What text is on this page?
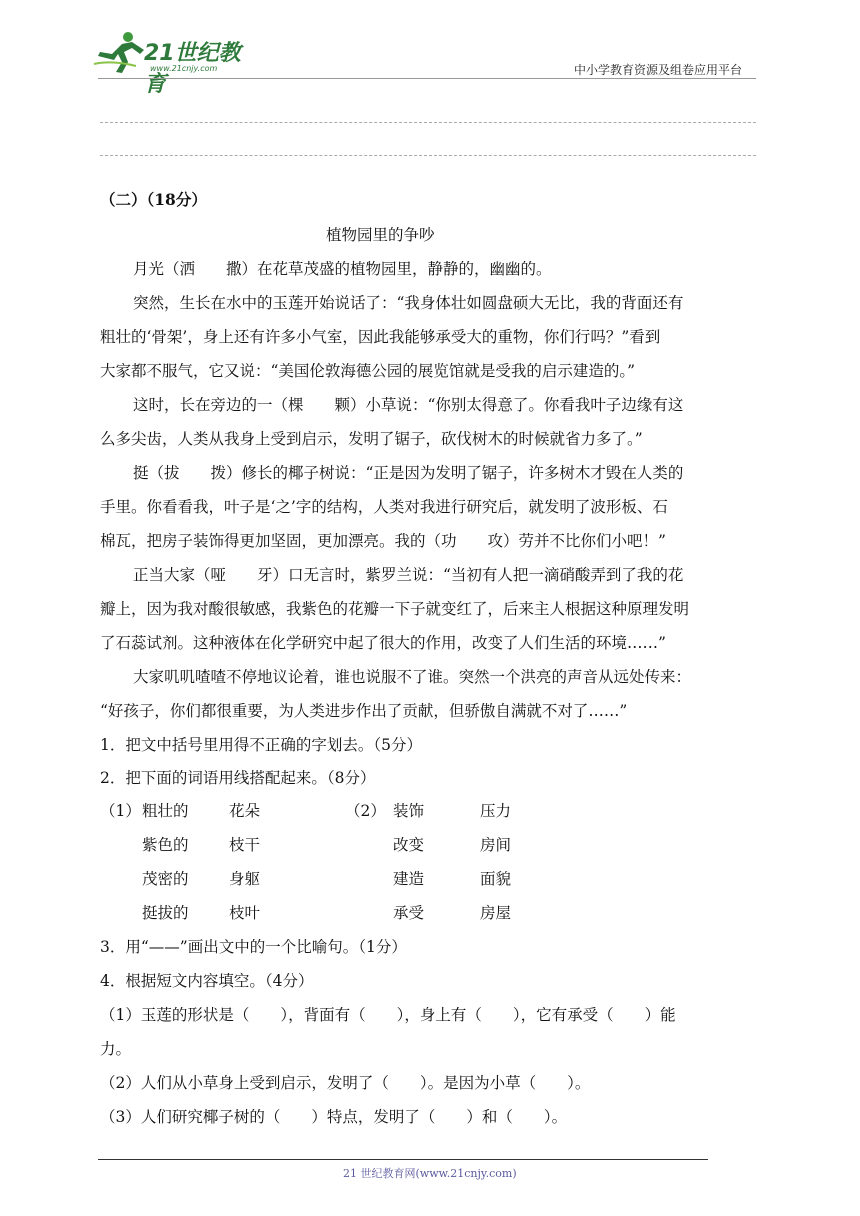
21世纪教育
www.21cnjy.com	中小学教育资源及组卷应用平台
（二）（18分）
植物园里的争吵
月光（洒　　撒）在花草茂盛的植物园里，静静的，幽幽的。
突然，生长在水中的玉莲开始说话了：“我身体壮如圆盘硕大无比，我的背面还有
粗壮的‘骨架’，身上还有许多小气室，因此我能够承受大的重物，你们行吗？”看到
大家都不服气，它又说：“美国伦敦海德公园的展览馆就是受我的启示建造的。”
这时，长在旁边的一（棵　　颗）小草说：“你别太得意了。你看我叶子边缘有这
么多尖齿，人类从我身上受到启示，发明了锯子，砍伐树木的时候就省力多了。”
挺（拔　　拨）修长的椰子树说：“正是因为发明了锯子，许多树木才毁在人类的
手里。你看看我，叶子是‘之’字的结构，人类对我进行研究后，就发明了波形板、石
棉瓦，把房子装饰得更加坚固，更加漂亮。我的（功　　攻）劳并不比你们小吧！”
正当大家（哑　　牙）口无言时，紫罗兰说：“当初有人把一滴硝酸弄到了我的花
瓣上，因为我对酸很敏感，我紫色的花瓣一下子就变红了，后来主人根据这种原理发明
了石蕊试剂。这种液体在化学研究中起了很大的作用，改变了人们生活的环境……”
大家叽叽喳喳不停地议论着，谁也说服不了谁。突然一个洪亮的声音从远处传来：
“好孩子，你们都很重要，为人类进步作出了贡献，但骄傲自满就不对了……”
1．把文中括号里用得不正确的字划去。（5分）
2．把下面的词语用线搭配起来。（8分）
（1）	（2）
粗壮的
紫色的
茂密的
挺拔的
花朵
枝干
身躯
枝叶
装饰
改变
建造
承受
压力
房间
面貌
房屋
3．用“——”画出文中的一个比喻句。（1分）
4．根据短文内容填空。（4分）
（1）玉莲的形状是（　　），背面有（　　），身上有（　　），它有承受（　　）能
力。
（2）人们从小草身上受到启示，发明了（　　）。是因为小草（　　）。
（3）人们研究椰子树的（　　）特点，发明了（　　）和（　　）。
21 世纪教育网(www.21cnjy.com)
